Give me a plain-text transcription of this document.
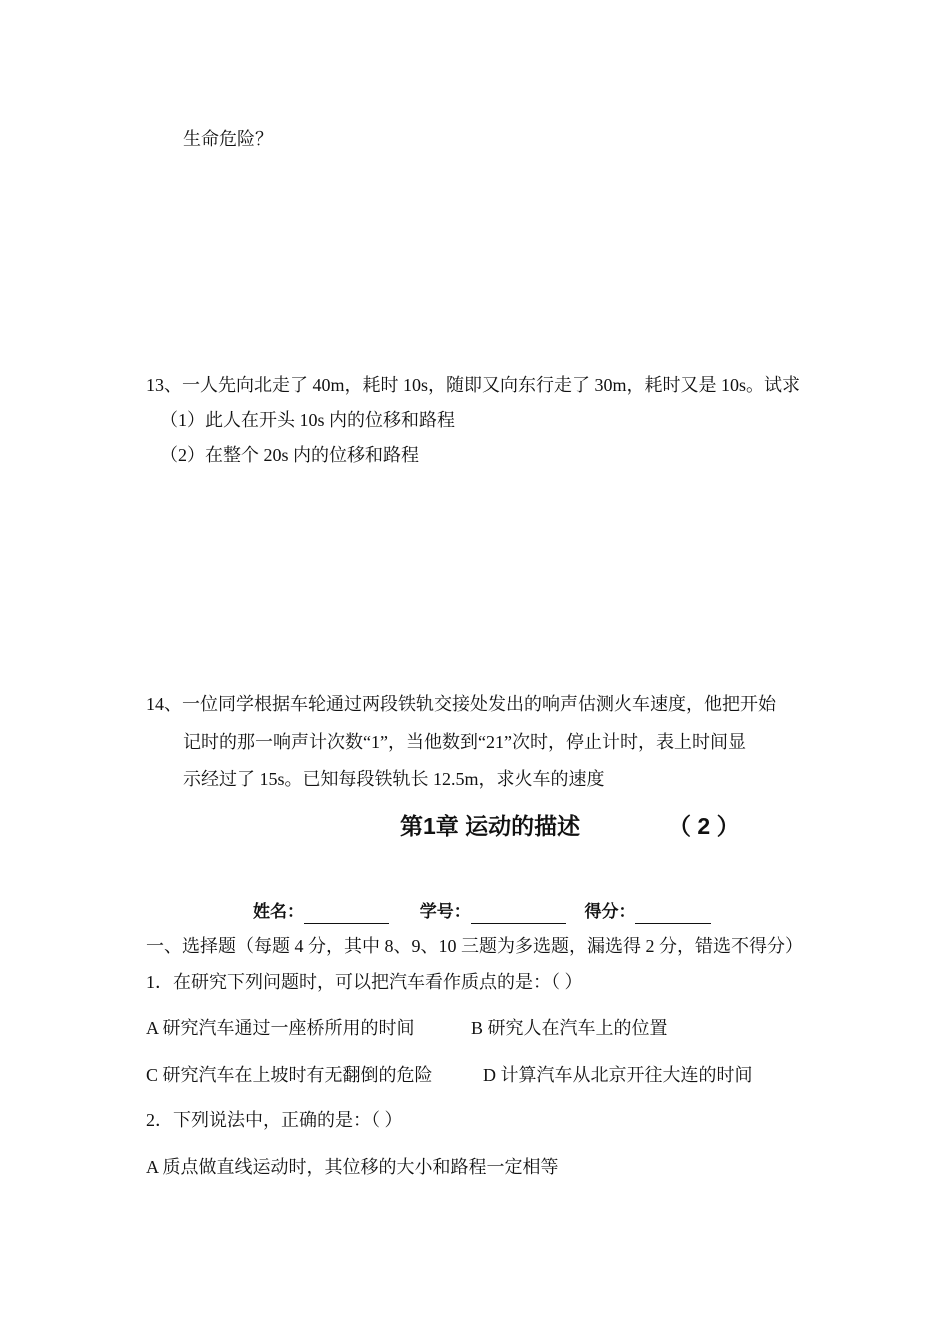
生命危险？
13、一人先向北走了 40m，耗时 10s，随即又向东行走了 30m，耗时又是 10s。试求
（1）此人在开头 10s 内的位移和路程
（2）在整个 20s 内的位移和路程
14、一位同学根据车轮通过两段铁轨交接处发出的响声估测火车速度，他把开始
记时的那一响声计次数“1”，当他数到“21”次时，停止计时，表上时间显
示经过了 15s。已知每段铁轨长 12.5m，求火车的速度
第1章 运动的描述	（ 2 ）
姓名：	学号：	得分：
一、选择题（每题 4 分，其中 8、9、10 三题为多选题，漏选得 2 分，错选不得分）
1．在研究下列问题时，可以把汽车看作质点的是：（ ）
A 研究汽车通过一座桥所用的时间	B 研究人在汽车上的位置
C 研究汽车在上坡时有无翻倒的危险	D 计算汽车从北京开往大连的时间
2．下列说法中，正确的是：（ ）
A 质点做直线运动时，其位移的大小和路程一定相等
